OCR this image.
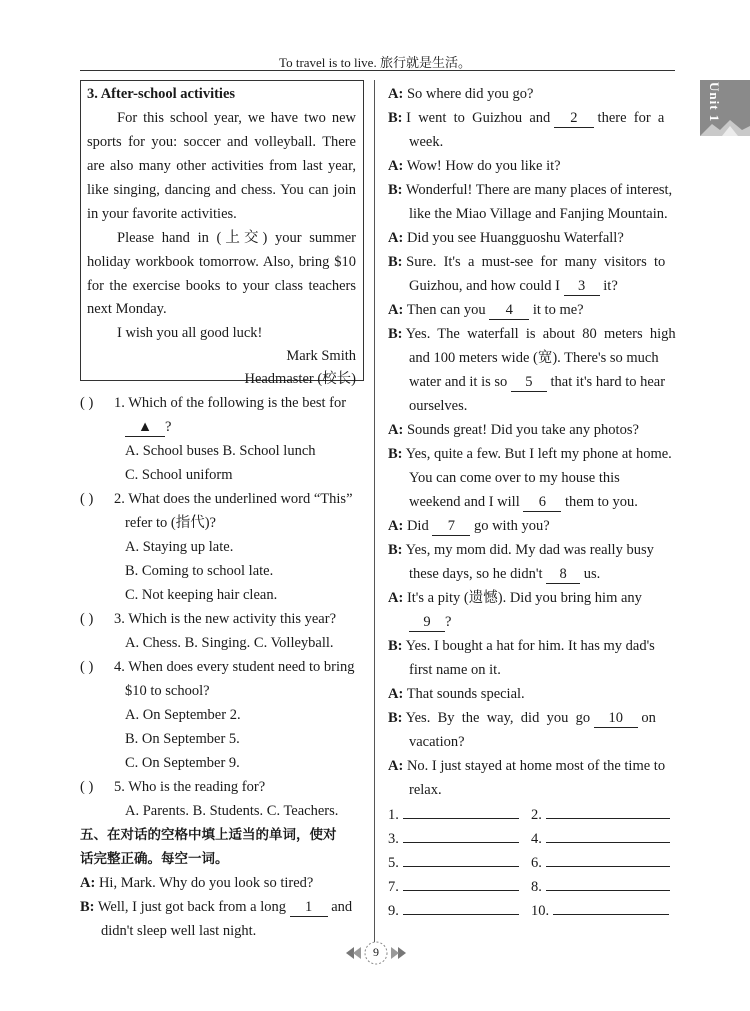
To travel is to live. 旅行就是生活。
Unit 1
3. After-school activities
For this school year, we have two new
sports for you: soccer and volleyball. There
are also many other activities from last year,
like singing, dancing and chess. You can join
in your favorite activities.
Please hand in (上交) your summer
holiday workbook tomorrow. Also, bring $10
for the exercise books to your class teachers
next Monday.
I wish you all good luck!
Mark Smith
Headmaster (校长)
( ) 1. Which of the following is the best for
▲ ?
A. School buses B. School lunch
C. School uniform
( ) 2. What does the underlined word “This”
refer to (指代)?
A. Staying up late.
B. Coming to school late.
C. Not keeping hair clean.
( ) 3. Which is the new activity this year?
A. Chess. B. Singing. C. Volleyball.
( ) 4. When does every student need to bring
$10 to school?
A. On September 2.
B. On September 5.
C. On September 9.
( ) 5. Who is the reading for?
A. Parents. B. Students. C. Teachers.
五、在对话的空格中填上适当的单词，使对
话完整正确。每空一词。
A: Hi, Mark. Why do you look so tired?
B: Well, I just got back from a long 1 and
didn't sleep well last night.
A: So where did you go?
B: I  went  to  Guizhou  and 2 there  for  a
week.
A: Wow! How do you like it?
B: Wonderful! There are many places of interest,
like the Miao Village and Fanjing Mountain.
A: Did you see Huangguoshu Waterfall?
B: Sure.  It's  a  must-see  for  many  visitors  to
Guizhou, and how could I 3 it?
A: Then can you 4 it to me?
B: Yes.  The  waterfall  is  about  80  meters  high
and 100 meters wide (宽). There's so much
water and it is so 5 that it's hard to hear
ourselves.
A: Sounds great! Did you take any photos?
B: Yes, quite a few. But I left my phone at home.
You can come over to my house this
weekend and I will 6 them to you.
A: Did 7 go with you?
B: Yes, my mom did. My dad was really busy
these days, so he didn't 8 us.
A: It's a pity (遗憾). Did you bring him any
9 ?
B: Yes. I bought a hat for him. It has my dad's
first name on it.
A: That sounds special.
B: Yes.  By  the  way,  did  you  go 10 on
vacation?
A: No. I just stayed at home most of the time to
relax.
1.	2.
3.	4.
5.	6.
7.	8.
9.	10.
9
